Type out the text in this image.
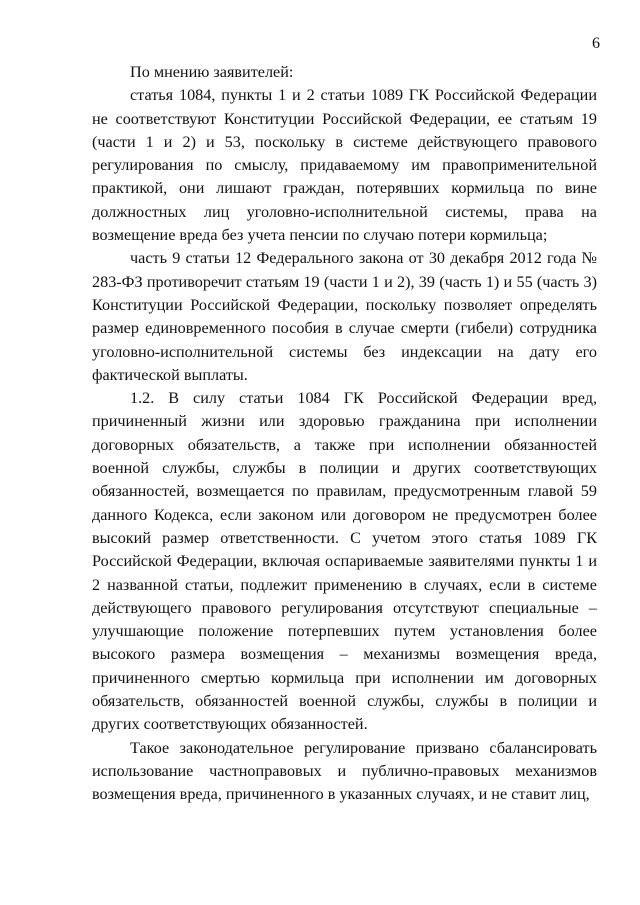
6

По мнению заявителей:

статья 1084, пункты 1 и 2 статьи 1089 ГК Российской Федерации не соответствуют Конституции Российской Федерации, ее статьям 19 (части 1 и 2) и 53, поскольку в системе действующего правового регулирования по смыслу, придаваемому им правоприменительной практикой, они лишают граждан, потерявших кормильца по вине должностных лиц уголовно-исполнительной системы, права на возмещение вреда без учета пенсии по случаю потери кормильца;

часть 9 статьи 12 Федерального закона от 30 декабря 2012 года № 283-ФЗ противоречит статьям 19 (части 1 и 2), 39 (часть 1) и 55 (часть 3) Конституции Российской Федерации, поскольку позволяет определять размер единовременного пособия в случае смерти (гибели) сотрудника уголовно-исполнительной системы без индексации на дату его фактической выплаты.

1.2. В силу статьи 1084 ГК Российской Федерации вред, причиненный жизни или здоровью гражданина при исполнении договорных обязательств, а также при исполнении обязанностей военной службы, службы в полиции и других соответствующих обязанностей, возмещается по правилам, предусмотренным главой 59 данного Кодекса, если законом или договором не предусмотрен более высокий размер ответственности. С учетом этого статья 1089 ГК Российской Федерации, включая оспариваемые заявителями пункты 1 и 2 названной статьи, подлежит применению в случаях, если в системе действующего правового регулирования отсутствуют специальные – улучшающие положение потерпевших путем установления более высокого размера возмещения – механизмы возмещения вреда, причиненного смертью кормильца при исполнении им договорных обязательств, обязанностей военной службы, службы в полиции и других соответствующих обязанностей.

Такое законодательное регулирование призвано сбалансировать использование частноправовых и публично-правовых механизмов возмещения вреда, причиненного в указанных случаях, и не ставит лиц,
